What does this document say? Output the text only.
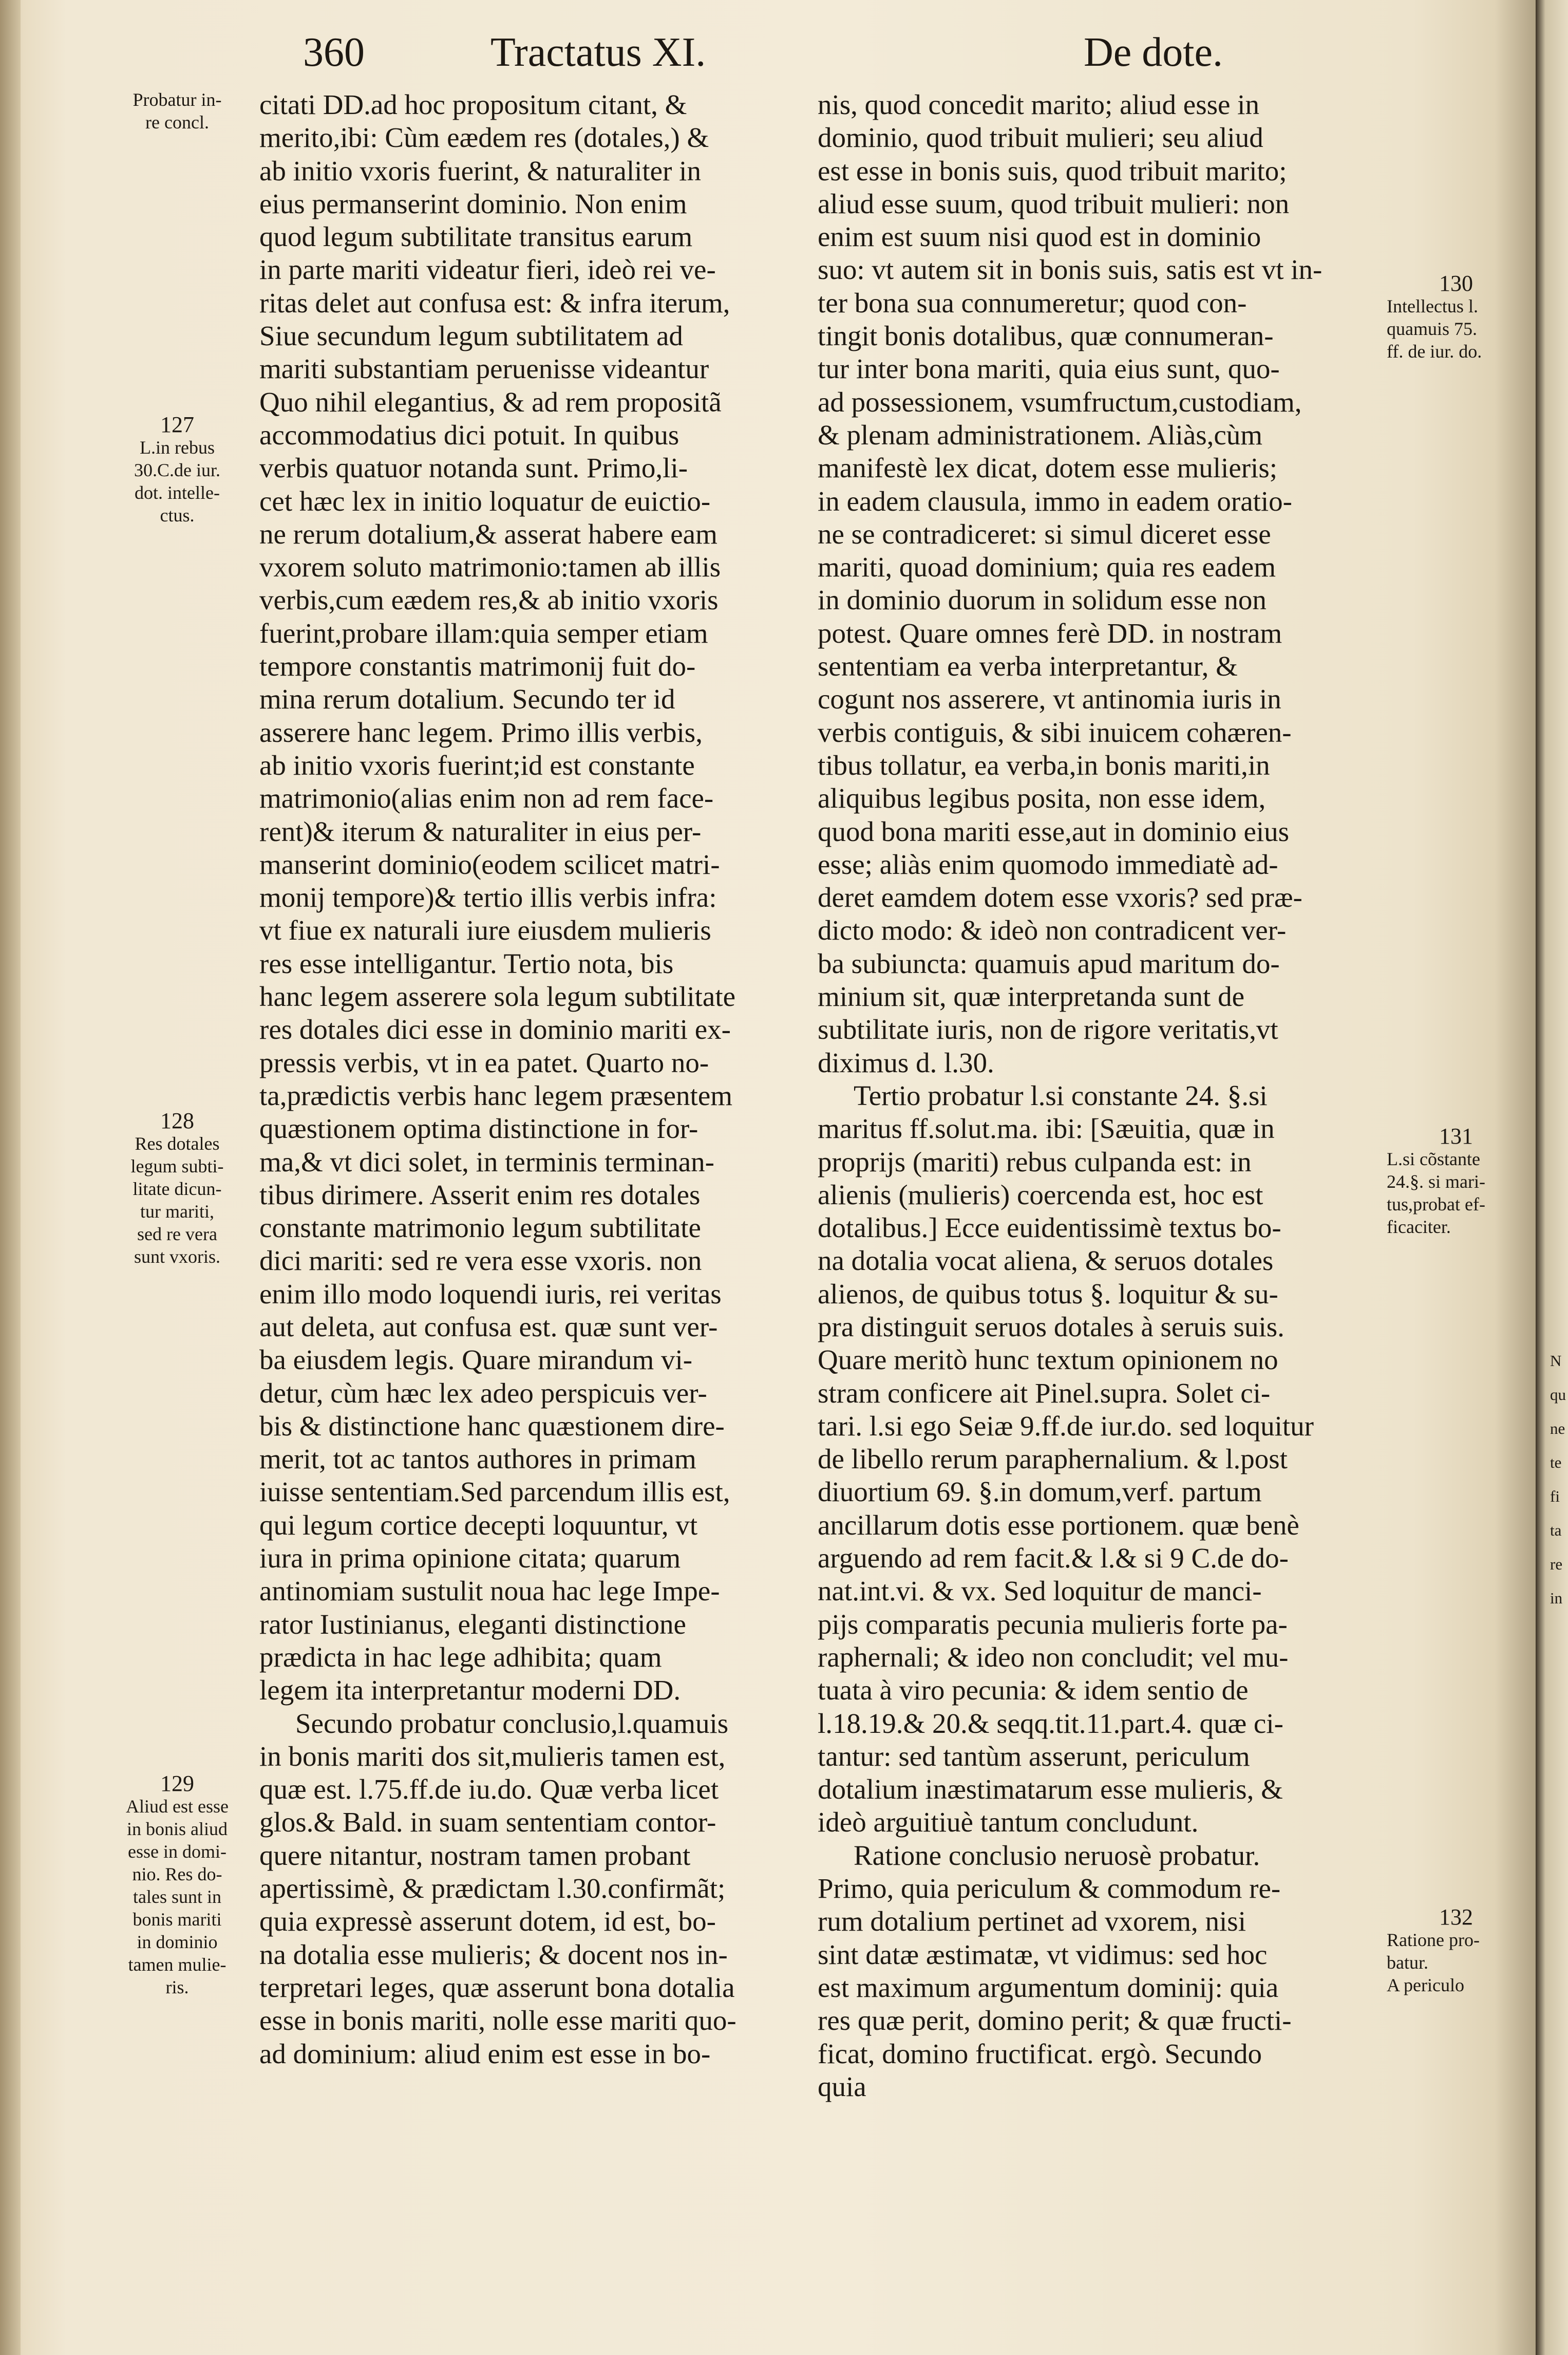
360	Tractatus XI.	De dote.
citati DD.ad hoc propositum citant, &
merito,ibi: Cùm eædem res (dotales,) &
ab initio vxoris fuerint, & naturaliter in
eius permanserint dominio. Non enim
quod legum subtilitate transitus earum
in parte mariti videatur fieri, ideò rei ve-
ritas delet aut confusa est: & infra iterum,
Siue secundum legum subtilitatem ad
mariti substantiam peruenisse videantur
Quo nihil elegantius, & ad rem propositã
accommodatius dici potuit. In quibus
verbis quatuor notanda sunt. Primo,li-
cet hæc lex in initio loquatur de euictio-
ne rerum dotalium,& asserat habere eam
vxorem soluto matrimonio:tamen ab illis
verbis,cum eædem res,& ab initio vxoris
fuerint,probare illam:quia semper etiam
tempore constantis matrimonij fuit do-
mina rerum dotalium. Secundo ter id
asserere hanc legem. Primo illis verbis,
ab initio vxoris fuerint;id est constante
matrimonio(alias enim non ad rem face-
rent)& iterum & naturaliter in eius per-
manserint dominio(eodem scilicet matri-
monij tempore)& tertio illis verbis infra:
vt fiue ex naturali iure eiusdem mulieris
res esse intelligantur. Tertio nota, bis
hanc legem asserere sola legum subtilitate
res dotales dici esse in dominio mariti ex-
pressis verbis, vt in ea patet. Quarto no-
ta,prædictis verbis hanc legem præsentem
quæstionem optima distinctione in for-
ma,& vt dici solet, in terminis terminan-
tibus dirimere. Asserit enim res dotales
constante matrimonio legum subtilitate
dici mariti: sed re vera esse vxoris. non
enim illo modo loquendi iuris, rei veritas
aut deleta, aut confusa est. quæ sunt ver-
ba eiusdem legis. Quare mirandum vi-
detur, cùm hæc lex adeo perspicuis ver-
bis & distinctione hanc quæstionem dire-
merit, tot ac tantos authores in primam
iuisse sententiam.Sed parcendum illis est,
qui legum cortice decepti loquuntur, vt
iura in prima opinione citata; quarum
antinomiam sustulit noua hac lege Impe-
rator Iustinianus, eleganti distinctione
prædicta in hac lege adhibita; quam
legem ita interpretantur moderni DD.
Secundo probatur conclusio,l.quamuis
in bonis mariti dos sit,mulieris tamen est,
quæ est. l.75.ff.de iu.do. Quæ verba licet
glos.& Bald. in suam sententiam contor-
quere nitantur, nostram tamen probant
apertissimè, & prædictam l.30.confirmãt;
quia expressè asserunt dotem, id est, bo-
na dotalia esse mulieris; & docent nos in-
terpretari leges, quæ asserunt bona dotalia
esse in bonis mariti, nolle esse mariti quo-
ad dominium: aliud enim est esse in bo-
nis, quod concedit marito; aliud esse in
dominio, quod tribuit mulieri; seu aliud
est esse in bonis suis, quod tribuit marito;
aliud esse suum, quod tribuit mulieri: non
enim est suum nisi quod est in dominio
suo: vt autem sit in bonis suis, satis est vt in-
ter bona sua connumeretur; quod con-
tingit bonis dotalibus, quæ connumeran-
tur inter bona mariti, quia eius sunt, quo-
ad possessionem, vsumfructum,custodiam,
& plenam administrationem. Aliàs,cùm
manifestè lex dicat, dotem esse mulieris;
in eadem clausula, immo in eadem oratio-
ne se contradiceret: si simul diceret esse
mariti, quoad dominium; quia res eadem
in dominio duorum in solidum esse non
potest. Quare omnes ferè DD. in nostram
sententiam ea verba interpretantur, &
cogunt nos asserere, vt antinomia iuris in
verbis contiguis, & sibi inuicem cohæren-
tibus tollatur, ea verba,in bonis mariti,in
aliquibus legibus posita, non esse idem,
quod bona mariti esse,aut in dominio eius
esse; aliàs enim quomodo immediatè ad-
deret eamdem dotem esse vxoris? sed præ-
dicto modo: & ideò non contradicent ver-
ba subiuncta: quamuis apud maritum do-
minium sit, quæ interpretanda sunt de
subtilitate iuris, non de rigore veritatis,vt
diximus d. l.30.
Tertio probatur l.si constante 24. §.si
maritus ff.solut.ma. ibi: [Sæuitia, quæ in
proprijs (mariti) rebus culpanda est: in
alienis (mulieris) coercenda est, hoc est
dotalibus.] Ecce euidentissimè textus bo-
na dotalia vocat aliena, & seruos dotales
alienos, de quibus totus §. loquitur & su-
pra distinguit seruos dotales à seruis suis.
Quare meritò hunc textum opinionem no
stram conficere ait Pinel.supra. Solet ci-
tari. l.si ego Seiæ 9.ff.de iur.do. sed loquitur
de libello rerum paraphernalium. & l.post
diuortium 69. §.in domum,verf. partum
ancillarum dotis esse portionem. quæ benè
arguendo ad rem facit.& l.& si 9 C.de do-
nat.int.vi. & vx. Sed loquitur de manci-
pijs comparatis pecunia mulieris forte pa-
raphernali; & ideo non concludit; vel mu-
tuata à viro pecunia: & idem sentio de
l.18.19.& 20.& seqq.tit.11.part.4. quæ ci-
tantur: sed tantùm asserunt, periculum
dotalium inæstimatarum esse mulieris, &
ideò arguitiuè tantum concludunt.
Ratione conclusio neruosè probatur.
Primo, quia periculum & commodum re-
rum dotalium pertinet ad vxorem, nisi
sint datæ æstimatæ, vt vidimus: sed hoc
est maximum argumentum dominij: quia
res quæ perit, domino perit; & quæ fructi-
ficat, domino fructificat. ergò. Secundo
quia
Probatur in-
re concl.
127
L.in rebus
30.C.de iur.
dot. intelle-
ctus.
128
Res dotales
legum subti-
litate dicun-
tur mariti,
sed re vera
sunt vxoris.
129
Aliud est esse
in bonis aliud
esse in domi-
nio. Res do-
tales sunt in
bonis mariti
in dominio
tamen mulie-
ris.
130
Intellectus l.
quamuis 75.
ff. de iur. do.
131
L.si cõstante
24.§. si mari-
tus,probat ef-
ficaciter.
132
Ratione pro-
batur.
A periculo
N
qu
ne
te
fi
ta
re
in
